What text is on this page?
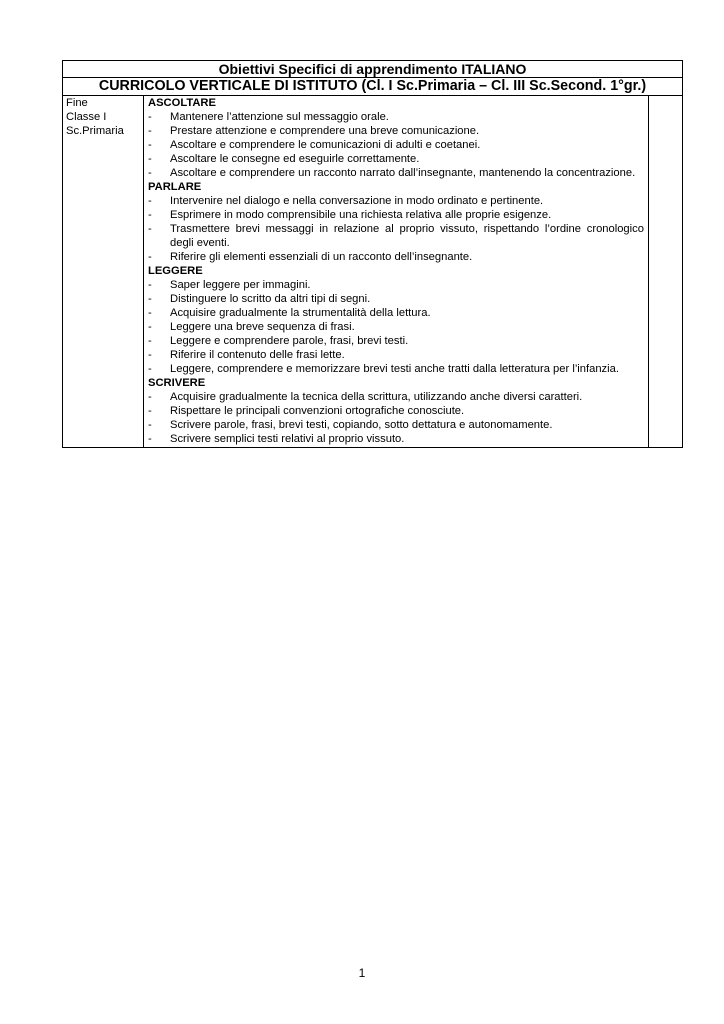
Obiettivi Specifici di apprendimento ITALIANO
CURRICOLO VERTICALE DI ISTITUTO (Cl. I Sc.Primaria – Cl. III Sc.Second. 1°gr.)

Fine
Classe I
Sc.Primaria

ASCOLTARE
-	Mantenere l’attenzione sul messaggio orale.
-	Prestare attenzione e comprendere una breve comunicazione.
-	Ascoltare e comprendere le comunicazioni di adulti e coetanei.
-	Ascoltare le consegne ed eseguirle correttamente.
-	Ascoltare e comprendere un racconto narrato dall’insegnante, mantenendo la concentrazione.
PARLARE
-	Intervenire nel dialogo e nella conversazione in modo ordinato e pertinente.
-	Esprimere in modo comprensibile una richiesta relativa alle proprie esigenze.
-	Trasmettere brevi messaggi in relazione al proprio vissuto, rispettando l’ordine cronologico degli eventi.
-	Riferire gli elementi essenziali di un racconto dell’insegnante.
LEGGERE
-	Saper leggere per immagini.
-	Distinguere lo scritto da altri tipi di segni.
-	Acquisire gradualmente la strumentalità della lettura.
-	Leggere una breve sequenza di frasi.
-	Leggere e comprendere parole, frasi, brevi testi.
-	Riferire il contenuto delle frasi lette.
-	Leggere, comprendere e memorizzare brevi testi anche tratti dalla letteratura per l’infanzia.
SCRIVERE
-	Acquisire gradualmente la tecnica della scrittura, utilizzando anche diversi caratteri.
-	Rispettare le principali convenzioni ortografiche conosciute.
-	Scrivere parole, frasi, brevi testi, copiando, sotto dettatura e autonomamente.
-	Scrivere semplici testi relativi al proprio vissuto.

1
